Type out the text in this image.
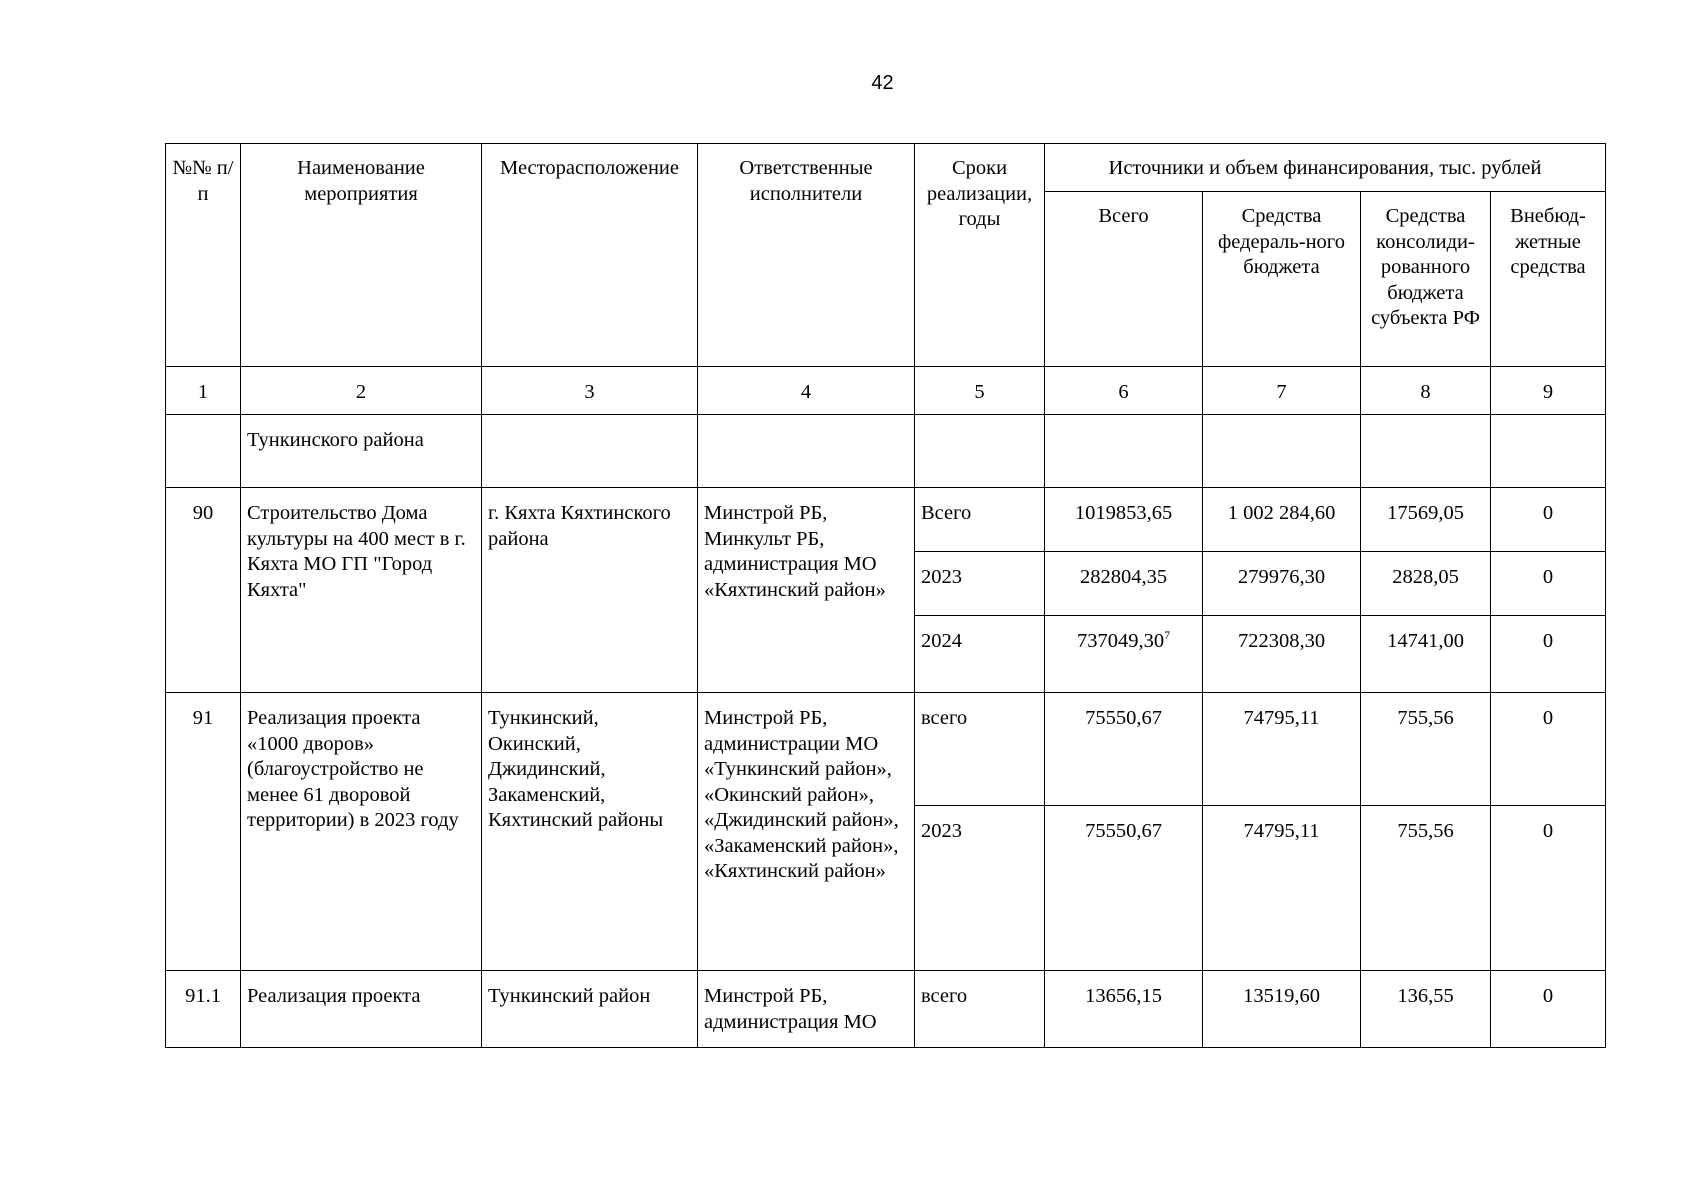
42
№№ п/п	Наименование мероприятия	Месторасположение	Ответственные исполнители	Сроки реализации, годы	Источники и объем финансирования, тыс. рублей			
					Всего	Средства федераль-ного бюджета	Средства консолиди-рованного бюджета субъекта РФ	Внебюд-жетные средства
1	2	3	4	5	6	7	8	9
	Тункинского района							
90	Строительство Дома культуры на 400 мест в г. Кяхта МО ГП "Город Кяхта"	г. Кяхта Кяхтинского района	Минстрой РБ, Минкульт РБ, администрация МО «Кяхтинский район»	Всего	1019853,65	1 002 284,60	17569,05	0
				2023	282804,35	279976,30	2828,05	0
				2024	737049,30$^7$	722308,30	14741,00	0
91	Реализация проекта «1000 дворов» (благоустройство не менее 61 дворовой территории) в 2023 году	Тункинский, Окинский, Джидинский, Закаменский, Кяхтинский районы	Минстрой РБ, администрации МО «Тункинский район», «Окинский район», «Джидинский район», «Закаменский район», «Кяхтинский район»	всего	75550,67	74795,11	755,56	0
				2023	75550,67	74795,11	755,56	0
91.1	Реализация проекта	Тункинский район	Минстрой РБ, администрация МО	всего	13656,15	13519,60	136,55	0
